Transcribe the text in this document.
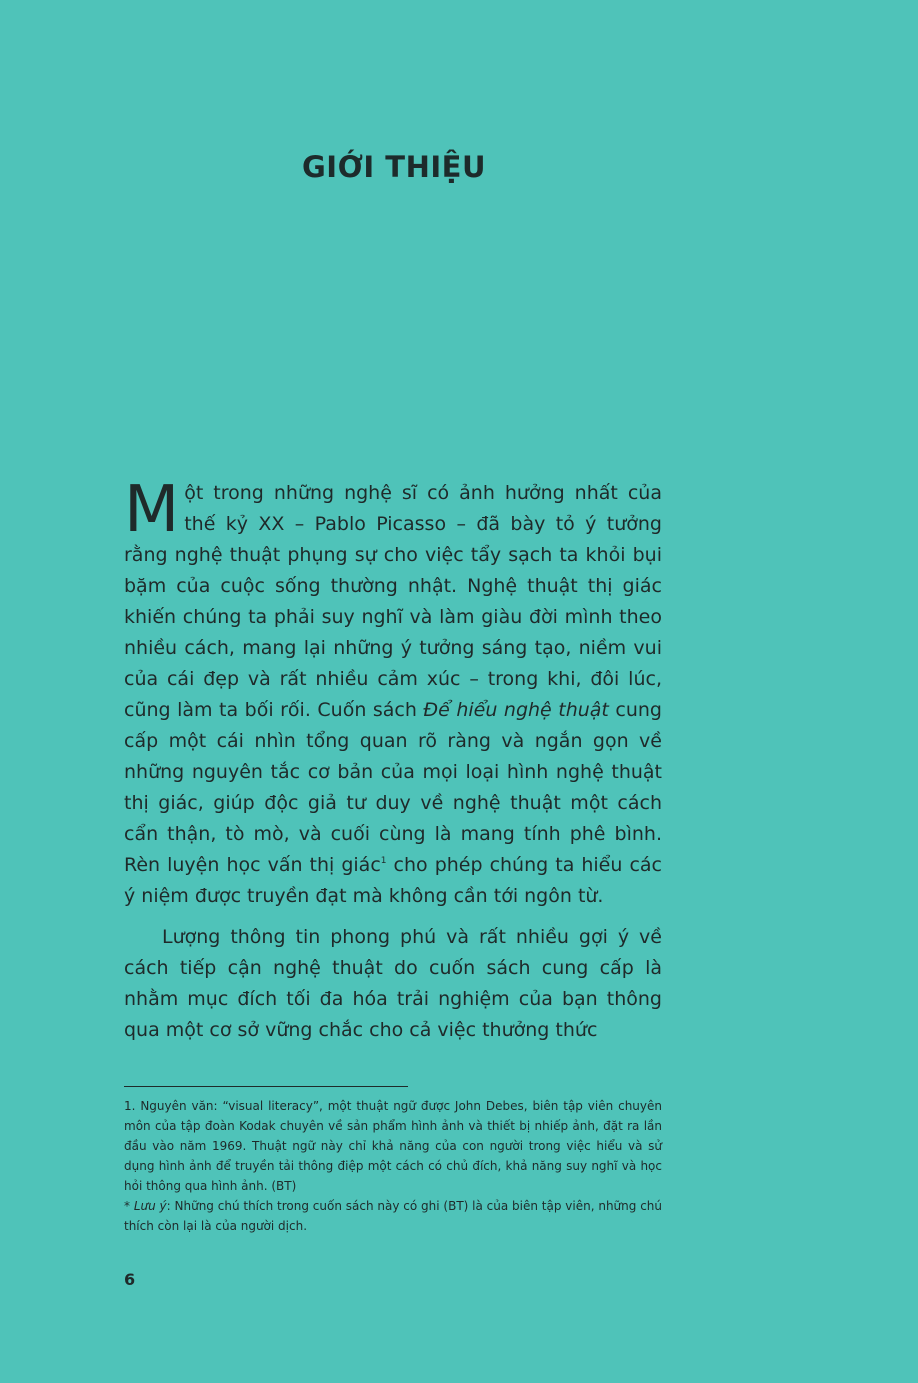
GIỚI THIỆU

Một trong những nghệ sĩ có ảnh hưởng nhất của thế kỷ XX – Pablo Picasso – đã bày tỏ ý tưởng rằng nghệ thuật phụng sự cho việc tẩy sạch ta khỏi bụi bặm của cuộc sống thường nhật. Nghệ thuật thị giác khiến chúng ta phải suy nghĩ và làm giàu đời mình theo nhiều cách, mang lại những ý tưởng sáng tạo, niềm vui của cái đẹp và rất nhiều cảm xúc – trong khi, đôi lúc, cũng làm ta bối rối. Cuốn sách Để hiểu nghệ thuật cung cấp một cái nhìn tổng quan rõ ràng và ngắn gọn về những nguyên tắc cơ bản của mọi loại hình nghệ thuật thị giác, giúp độc giả tư duy về nghệ thuật một cách cẩn thận, tò mò, và cuối cùng là mang tính phê bình. Rèn luyện học vấn thị giác$^1$ cho phép chúng ta hiểu các ý niệm được truyền đạt mà không cần tới ngôn từ.

Lượng thông tin phong phú và rất nhiều gợi ý về cách tiếp cận nghệ thuật do cuốn sách cung cấp là nhằm mục đích tối đa hóa trải nghiệm của bạn thông qua một cơ sở vững chắc cho cả việc thưởng thức

1. Nguyên văn: “visual literacy”, một thuật ngữ được John Debes, biên tập viên chuyên môn của tập đoàn Kodak chuyên về sản phẩm hình ảnh và thiết bị nhiếp ảnh, đặt ra lần đầu vào năm 1969. Thuật ngữ này chỉ khả năng của con người trong việc hiểu và sử dụng hình ảnh để truyền tải thông điệp một cách có chủ đích, khả năng suy nghĩ và học hỏi thông qua hình ảnh. (BT)

* Lưu ý: Những chú thích trong cuốn sách này có ghi (BT) là của biên tập viên, những chú thích còn lại là của người dịch.

6
